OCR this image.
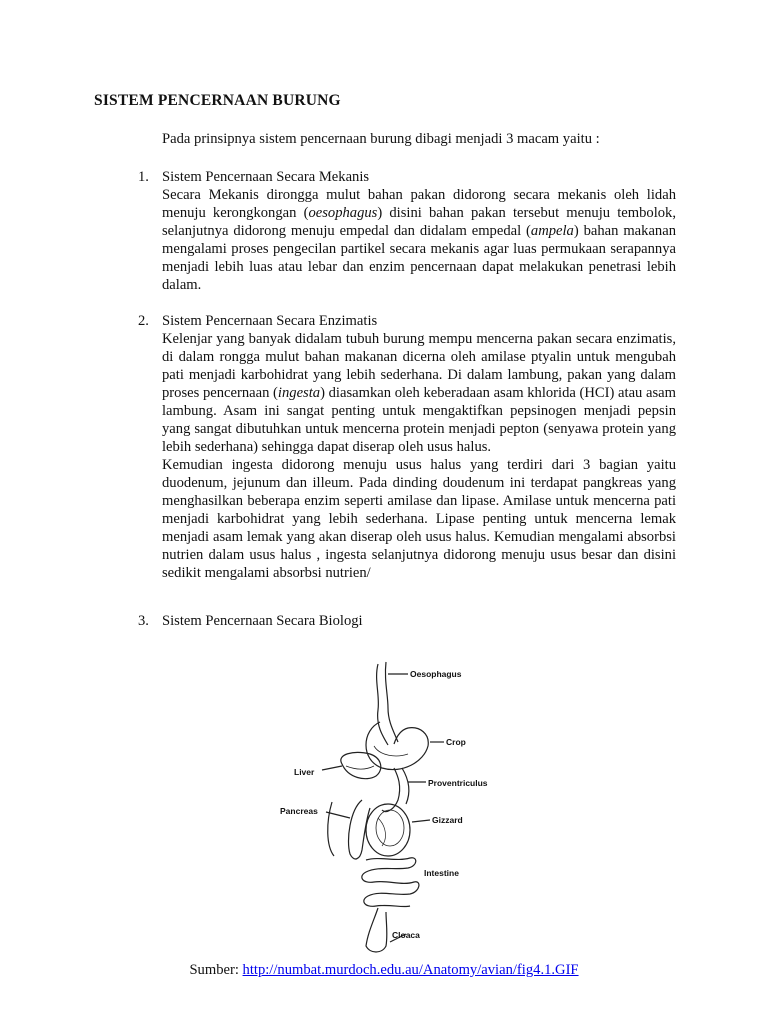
SISTEM PENCERNAAN BURUNG
Pada prinsipnya sistem pencernaan burung dibagi menjadi 3 macam yaitu :
1. Sistem Pencernaan Secara Mekanis

Secara Mekanis dirongga mulut bahan pakan didorong secara mekanis oleh lidah menuju kerongkongan (oesophagus) disini bahan pakan tersebut menuju tembolok, selanjutnya didorong menuju empedal dan didalam empedal (ampela) bahan makanan mengalami proses pengecilan partikel secara mekanis agar luas permukaan serapannya menjadi lebih luas atau lebar dan enzim pencernaan dapat melakukan penetrasi lebih dalam.

2. Sistem Pencernaan Secara Enzimatis

Kelenjar yang banyak didalam tubuh burung mempu mencerna pakan secara enzimatis, di dalam rongga mulut bahan makanan dicerna oleh amilase ptyalin untuk mengubah pati menjadi karbohidrat yang lebih sederhana. Di dalam lambung, pakan yang dalam proses pencernaan (ingesta) diasamkan oleh keberadaan asam khlorida (HCI) atau asam lambung. Asam ini sangat penting untuk mengaktifkan pepsinogen menjadi pepsin yang sangat dibutuhkan untuk mencerna protein menjadi pepton (senyawa protein yang lebih sederhana) sehingga dapat diserap oleh usus halus.

Kemudian ingesta didorong menuju usus halus yang terdiri dari 3 bagian yaitu duodenum, jejunum dan illeum. Pada dinding doudenum ini terdapat pangkreas yang menghasilkan beberapa enzim seperti amilase dan lipase. Amilase untuk mencerna pati menjadi karbohidrat yang lebih sederhana. Lipase penting untuk mencerna lemak menjadi asam lemak yang akan diserap oleh usus halus. Kemudian mengalami absorbsi nutrien dalam usus halus , ingesta selanjutnya didorong menuju usus besar dan disini sedikit mengalami absorbsi nutrien/

3. Sistem Pencernaan Secara Biologi
Oesophagus
Crop
Liver
Proventriculus
Pancreas
Gizzard
Intestine
Cloaca
Sumber: http://numbat.murdoch.edu.au/Anatomy/avian/fig4.1.GIF
